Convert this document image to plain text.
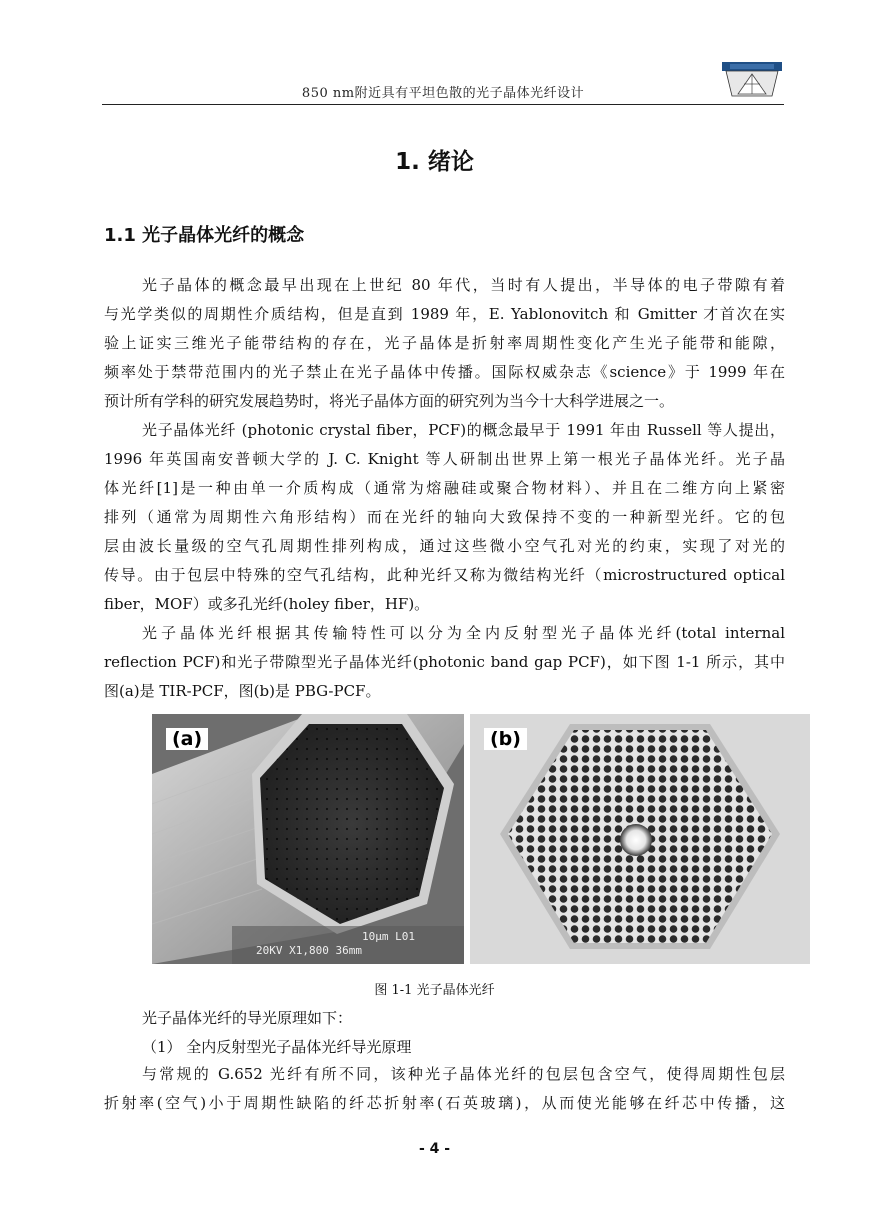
850 nm附近具有平坦色散的光子晶体光纤设计
1. 绪论
1.1 光子晶体光纤的概念
光子晶体的概念最早出现在上世纪 80 年代，当时有人提出，半导体的电子带隙有着
与光学类似的周期性介质结构，但是直到 1989 年，E. Yablonovitch 和 Gmitter 才首次在实
验上证实三维光子能带结构的存在，光子晶体是折射率周期性变化产生光子能带和能隙，
频率处于禁带范围内的光子禁止在光子晶体中传播。国际权威杂志《science》于 1999 年在
预计所有学科的研究发展趋势时，将光子晶体方面的研究列为当今十大科学进展之一。
光子晶体光纤 (photonic crystal fiber，PCF)的概念最早于 1991 年由 Russell 等人提出，
1996 年英国南安普顿大学的 J. C. Knight 等人研制出世界上第一根光子晶体光纤。光子晶
体光纤[1]是一种由单一介质构成（通常为熔融硅或聚合物材料）、并且在二维方向上紧密
排列（通常为周期性六角形结构）而在光纤的轴向大致保持不变的一种新型光纤。它的包
层由波长量级的空气孔周期性排列构成，通过这些微小空气孔对光的约束，实现了对光的
传导。由于包层中特殊的空气孔结构，此种光纤又称为微结构光纤（microstructured optical
fiber，MOF）或多孔光纤(holey fiber，HF)。
光子晶体光纤根据其传输特性可以分为全内反射型光子晶体光纤(total internal
reflection PCF)和光子带隙型光子晶体光纤(photonic band gap PCF)，如下图 1-1 所示，其中
图(a)是 TIR-PCF，图(b)是 PBG-PCF。
10μm L01
20KV X1,800 36mm
(a)	(b)
图 1-1 光子晶体光纤
光子晶体光纤的导光原理如下：
（1） 全内反射型光子晶体光纤导光原理
与常规的 G.652 光纤有所不同，该种光子晶体光纤的包层包含空气，使得周期性包层
折射率(空气)小于周期性缺陷的纤芯折射率(石英玻璃)，从而使光能够在纤芯中传播，这
- 4 -
